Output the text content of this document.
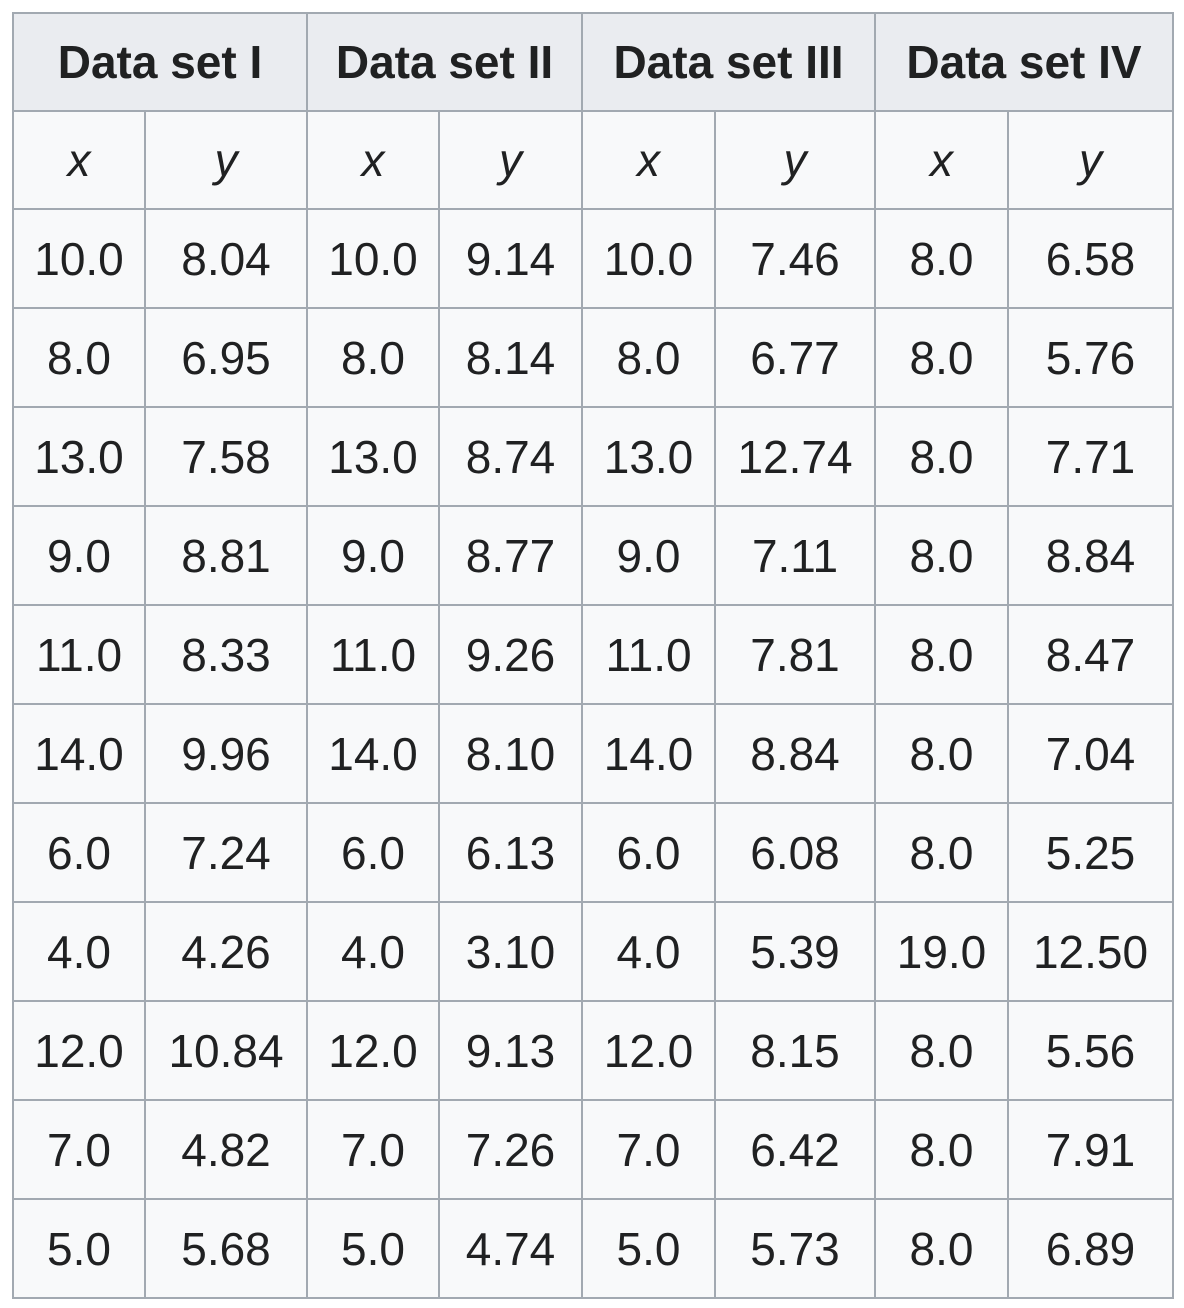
Data set I		Data set II		Data set III		Data set IV	
x	y	x	y	x	y	x	y
10.0	8.04	10.0	9.14	10.0	7.46	8.0	6.58
8.0	6.95	8.0	8.14	8.0	6.77	8.0	5.76
13.0	7.58	13.0	8.74	13.0	12.74	8.0	7.71
9.0	8.81	9.0	8.77	9.0	7.11	8.0	8.84
11.0	8.33	11.0	9.26	11.0	7.81	8.0	8.47
14.0	9.96	14.0	8.10	14.0	8.84	8.0	7.04
6.0	7.24	6.0	6.13	6.0	6.08	8.0	5.25
4.0	4.26	4.0	3.10	4.0	5.39	19.0	12.50
12.0	10.84	12.0	9.13	12.0	8.15	8.0	5.56
7.0	4.82	7.0	7.26	7.0	6.42	8.0	7.91
5.0	5.68	5.0	4.74	5.0	5.73	8.0	6.89
